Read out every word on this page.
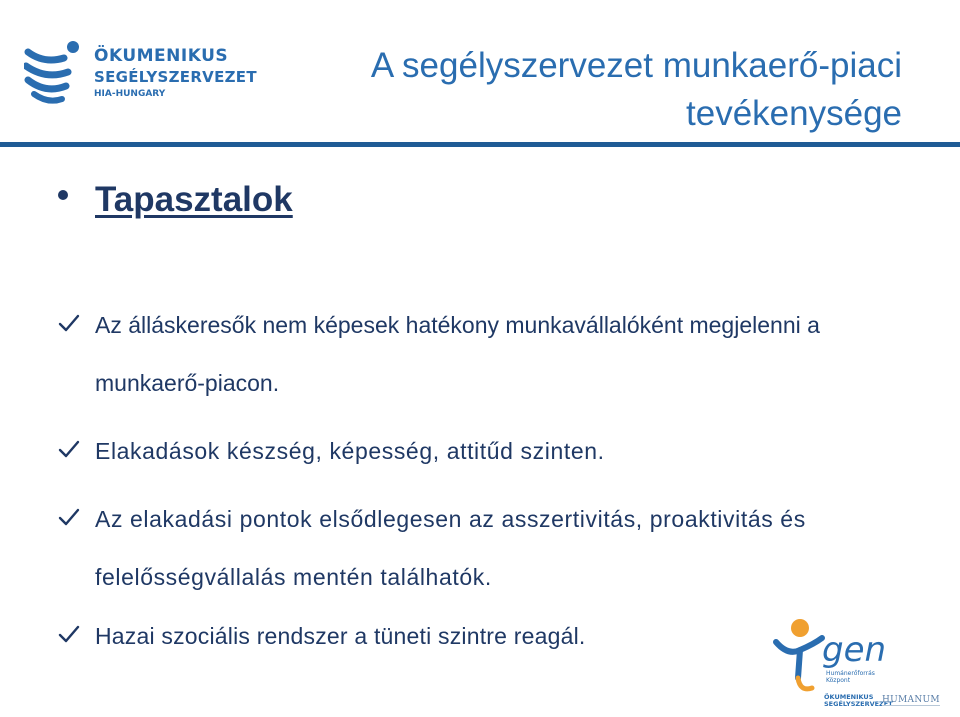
ÖKUMENIKUS
SEGÉLYSZERVEZET
HIA-HUNGARY
A segélyszervezet munkaerő-piaci
tevékenysége
Tapasztalok
Az álláskeresők nem képesek hatékony munkavállalóként megjelenni a munkaerő-piacon.
Elakadások készség, képesség, attitűd szinten.
Az elakadási pontok elsődlegesen az asszertivitás, proaktivitás és felelősségvállalás mentén találhatók.
Hazai szociális rendszer a tüneti szintre reagál.	gen
Humánerőforrás Központ
ÖKUMENIKUS
SEGÉLYSZERVEZET
HUMANUM
